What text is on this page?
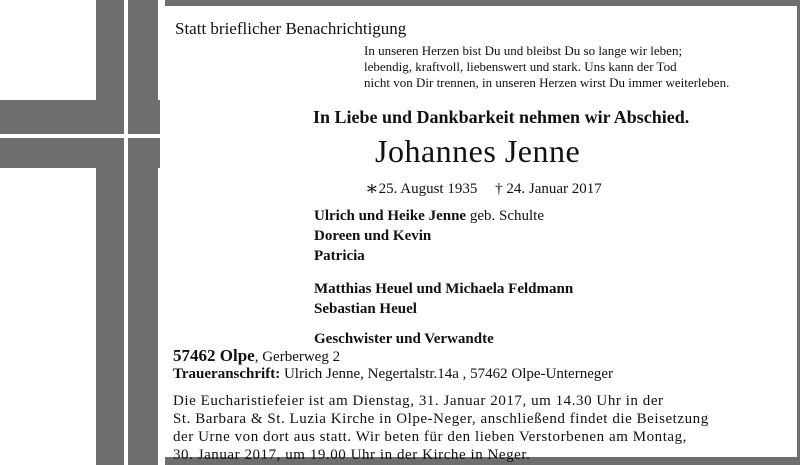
Statt brieflicher Benachrichtigung
In unseren Herzen bist Du und bleibst Du so lange wir leben;
lebendig, kraftvoll, liebenswert und stark. Uns kann der Tod
nicht von Dir trennen, in unseren Herzen wirst Du immer weiterleben.
In Liebe und Dankbarkeit nehmen wir Abschied.
Johannes Jenne
∗25. August 1935 † 24. Januar 2017
Ulrich und Heike Jenne geb. Schulte
Doreen und Kevin
Patricia
Matthias Heuel und Michaela Feldmann
Sebastian Heuel
Geschwister und Verwandte
57462 Olpe, Gerberweg 2
Traueranschrift: Ulrich Jenne, Negertalstr.14a , 57462 Olpe-Unterneger
Die Eucharistiefeier ist am Dienstag, 31. Januar 2017, um 14.30 Uhr in der
St. Barbara & St. Luzia Kirche in Olpe-Neger, anschließend findet die Beisetzung
der Urne von dort aus statt. Wir beten für den lieben Verstorbenen am Montag,
30. Januar 2017, um 19.00 Uhr in der Kirche in Neger.
